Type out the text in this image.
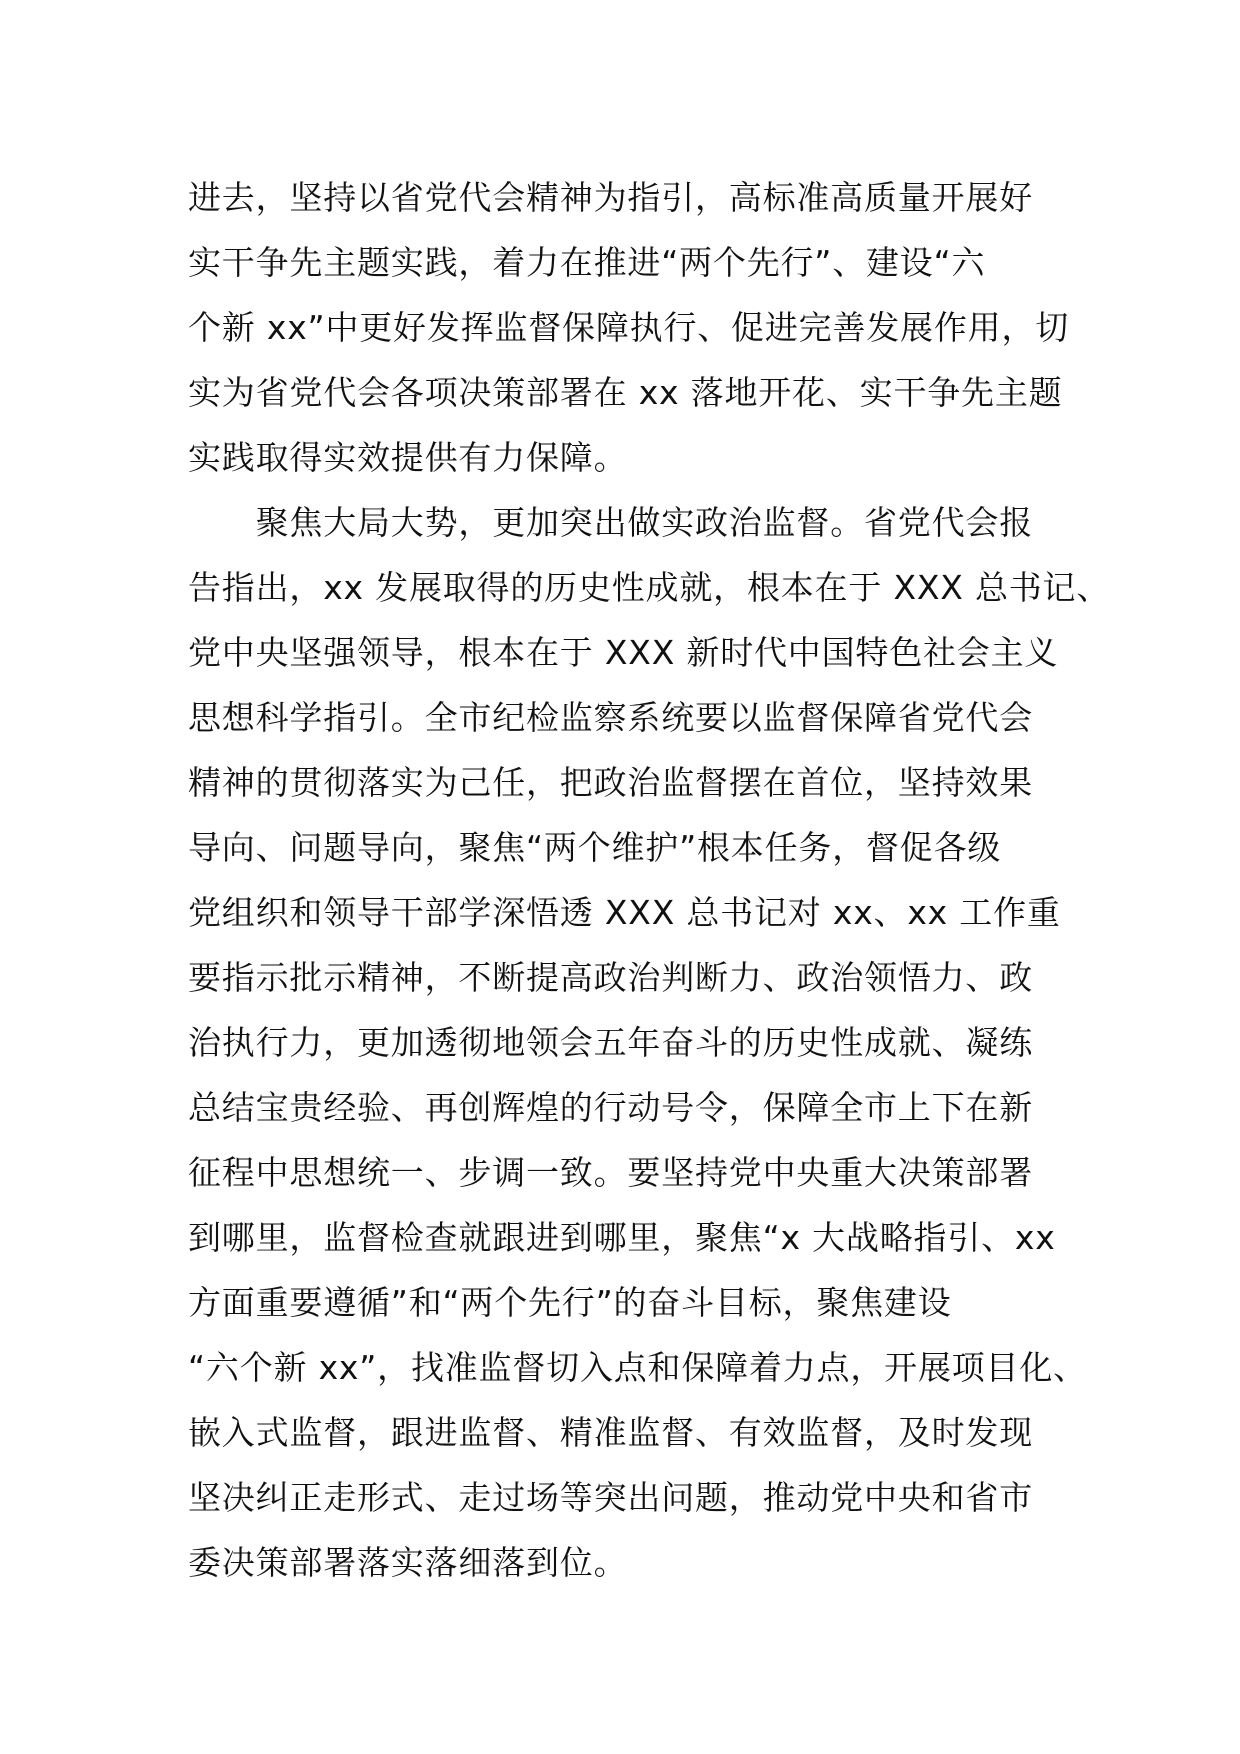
进去，坚持以省党代会精神为指引，高标准高质量开展好
实干争先主题实践，着力在推进“两个先行”、建设“六
个新 xx”中更好发挥监督保障执行、促进完善发展作用，切
实为省党代会各项决策部署在 xx 落地开花、实干争先主题
实践取得实效提供有力保障。
　　聚焦大局大势，更加突出做实政治监督。省党代会报
告指出，xx 发展取得的历史性成就，根本在于 XXX 总书记、
党中央坚强领导，根本在于 XXX 新时代中国特色社会主义
思想科学指引。全市纪检监察系统要以监督保障省党代会
精神的贯彻落实为己任，把政治监督摆在首位，坚持效果
导向、问题导向，聚焦“两个维护”根本任务，督促各级
党组织和领导干部学深悟透 XXX 总书记对 xx、xx 工作重
要指示批示精神，不断提高政治判断力、政治领悟力、政
治执行力，更加透彻地领会五年奋斗的历史性成就、凝练
总结宝贵经验、再创辉煌的行动号令，保障全市上下在新
征程中思想统一、步调一致。要坚持党中央重大决策部署
到哪里，监督检查就跟进到哪里，聚焦“x 大战略指引、xx
方面重要遵循”和“两个先行”的奋斗目标，聚焦建设
“六个新 xx”，找准监督切入点和保障着力点，开展项目化、
嵌入式监督，跟进监督、精准监督、有效监督，及时发现
坚决纠正走形式、走过场等突出问题，推动党中央和省市
委决策部署落实落细落到位。
